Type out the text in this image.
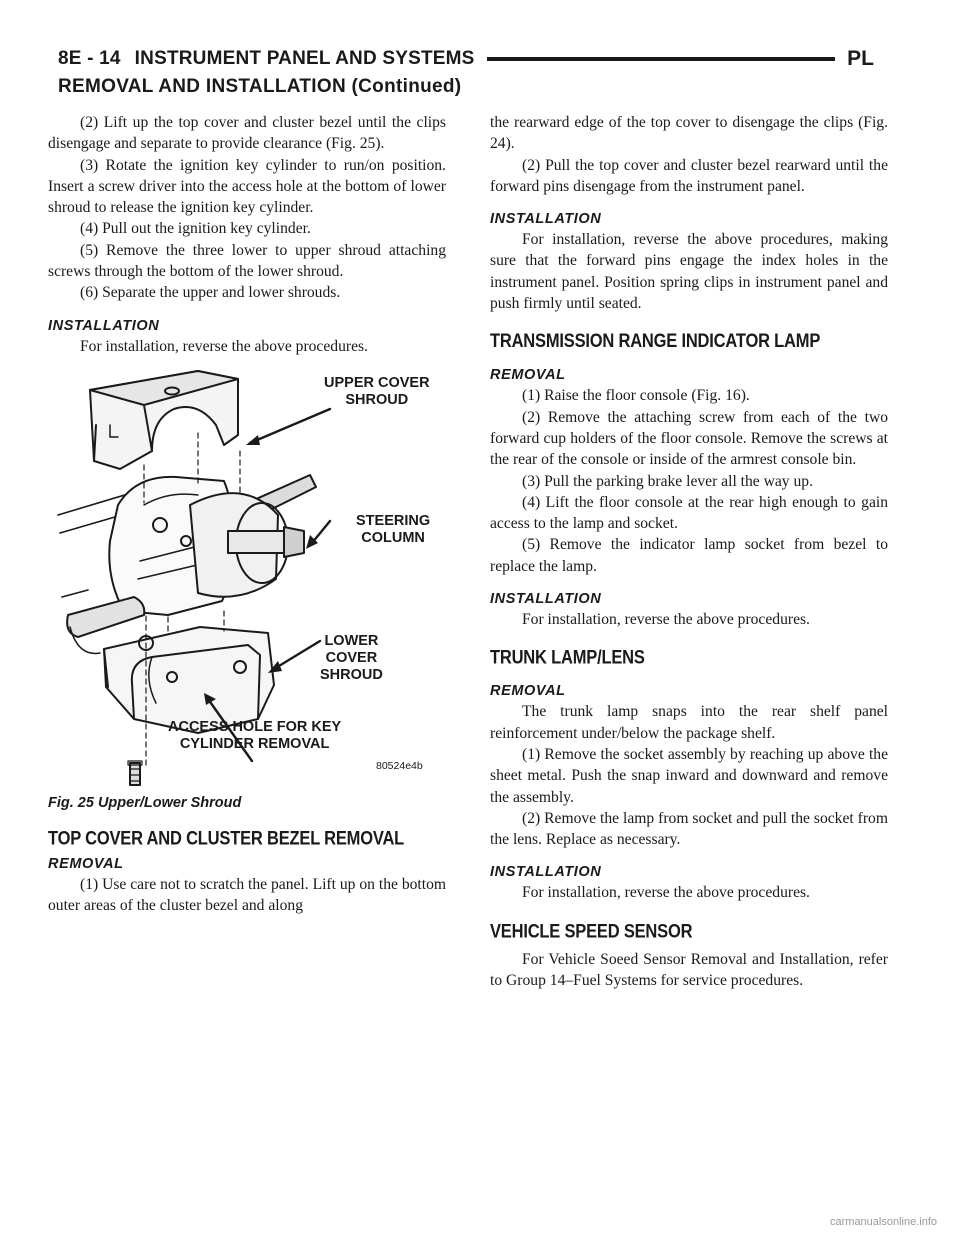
8E - 14 INSTRUMENT PANEL AND SYSTEMS	PL
REMOVAL AND INSTALLATION (Continued)

(2) Lift up the top cover and cluster bezel until the clips disengage and separate to provide clearance (Fig. 25).

(3) Rotate the ignition key cylinder to run/on position. Insert a screw driver into the access hole at the bottom of lower shroud to release the ignition key cylinder.

(4) Pull out the ignition key cylinder.

(5) Remove the three lower to upper shroud attaching screws through the bottom of the lower shroud.

(6) Separate the upper and lower shrouds.

INSTALLATION

For installation, reverse the above procedures.

UPPER COVER
SHROUD
STEERING
COLUMN
LOWER
COVER
SHROUD
ACCESS HOLE FOR KEY
CYLINDER REMOVAL
80524e4b
Fig. 25 Upper/Lower Shroud
TOP COVER AND CLUSTER BEZEL REMOVAL
REMOVAL

(1) Use care not to scratch the panel. Lift up on the bottom outer areas of the cluster bezel and along

the rearward edge of the top cover to disengage the clips (Fig. 24).

(2) Pull the top cover and cluster bezel rearward until the forward pins disengage from the instrument panel.

INSTALLATION

For installation, reverse the above procedures, making sure that the forward pins engage the index holes in the instrument panel. Position spring clips in instrument panel and push firmly until seated.

TRANSMISSION RANGE INDICATOR LAMP
REMOVAL

(1) Raise the floor console (Fig. 16).

(2) Remove the attaching screw from each of the two forward cup holders of the floor console. Remove the screws at the rear of the console or inside of the armrest console bin.

(3) Pull the parking brake lever all the way up.

(4) Lift the floor console at the rear high enough to gain access to the lamp and socket.

(5) Remove the indicator lamp socket from bezel to replace the lamp.

INSTALLATION

For installation, reverse the above procedures.

TRUNK LAMP/LENS
REMOVAL

The trunk lamp snaps into the rear shelf panel reinforcement under/below the package shelf.

(1) Remove the socket assembly by reaching up above the sheet metal. Push the snap inward and downward and remove the assembly.

(2) Remove the lamp from socket and pull the socket from the lens. Replace as necessary.

INSTALLATION

For installation, reverse the above procedures.

VEHICLE SPEED SENSOR

For Vehicle Soeed Sensor Removal and Installation, refer to Group 14–Fuel Systems for service procedures.

carmanualsonline.info
